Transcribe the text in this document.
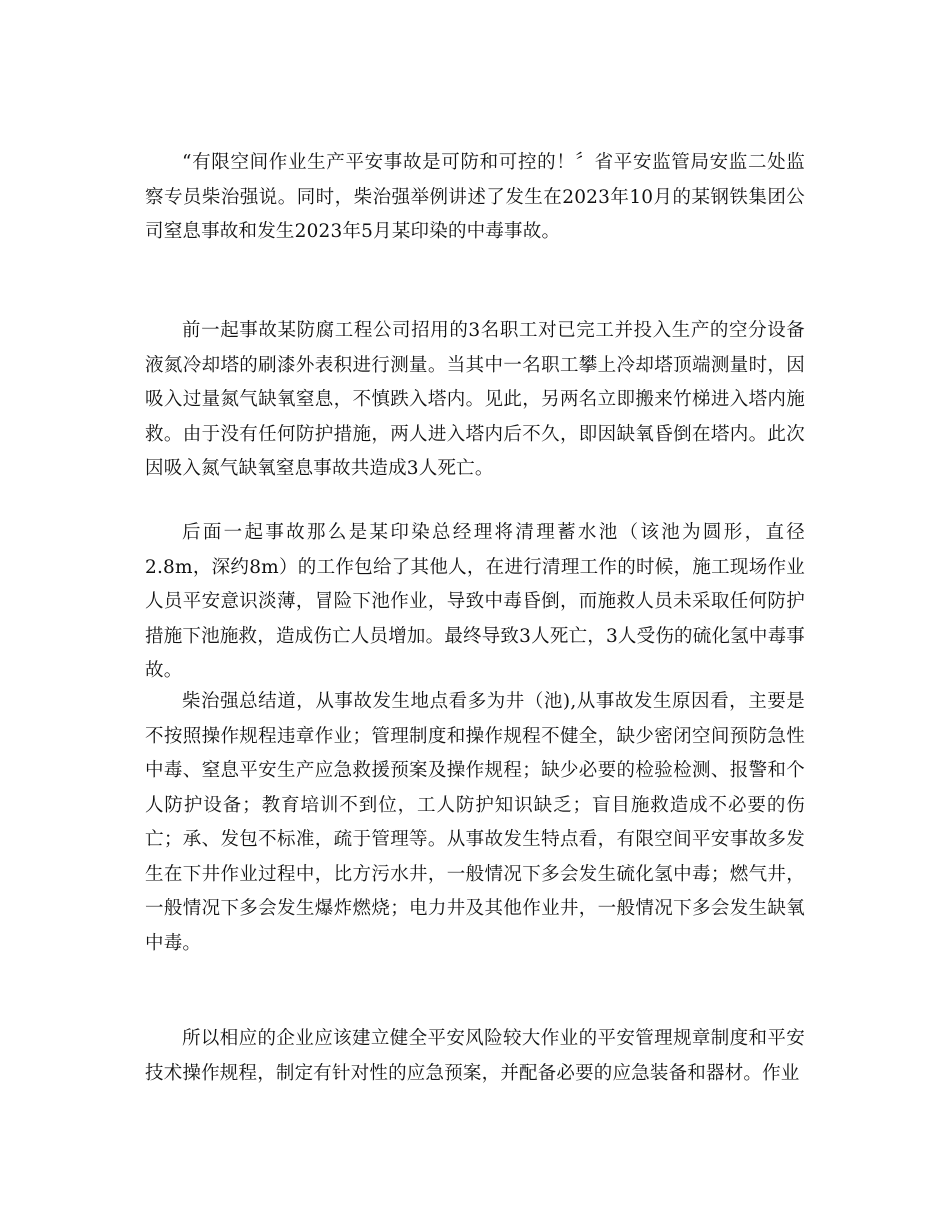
“有限空间作业生产平安事故是可防和可控的！〞省平安监管局安监二处监察专员柴治强说。同时，柴治强举例讲述了发生在2023年10月的某钢铁集团公司窒息事故和发生2023年5月某印染的中毒事故。

前一起事故某防腐工程公司招用的3名职工对已完工并投入生产的空分设备液氮冷却塔的刷漆外表积进行测量。当其中一名职工攀上冷却塔顶端测量时，因吸入过量氮气缺氧窒息，不慎跌入塔内。见此，另两名立即搬来竹梯进入塔内施救。由于没有任何防护措施，两人进入塔内后不久，即因缺氧昏倒在塔内。此次因吸入氮气缺氧窒息事故共造成3人死亡。

后面一起事故那么是某印染总经理将清理蓄水池（该池为圆形，直径2.8m，深约8m）的工作包给了其他人，在进行清理工作的时候，施工现场作业人员平安意识淡薄，冒险下池作业，导致中毒昏倒，而施救人员未采取任何防护措施下池施救，造成伤亡人员增加。最终导致3人死亡，3人受伤的硫化氢中毒事故。

柴治强总结道，从事故发生地点看多为井（池),从事故发生原因看，主要是不按照操作规程违章作业；管理制度和操作规程不健全，缺少密闭空间预防急性中毒、窒息平安生产应急救援预案及操作规程；缺少必要的检验检测、报警和个人防护设备；教育培训不到位，工人防护知识缺乏；盲目施救造成不必要的伤亡；承、发包不标准，疏于管理等。从事故发生特点看，有限空间平安事故多发生在下井作业过程中，比方污水井，一般情况下多会发生硫化氢中毒；燃气井，一般情况下多会发生爆炸燃烧；电力井及其他作业井，一般情况下多会发生缺氧中毒。

所以相应的企业应该建立健全平安风险较大作业的平安管理规章制度和平安技术操作规程，制定有针对性的应急预案，并配备必要的应急装备和器材。作业
